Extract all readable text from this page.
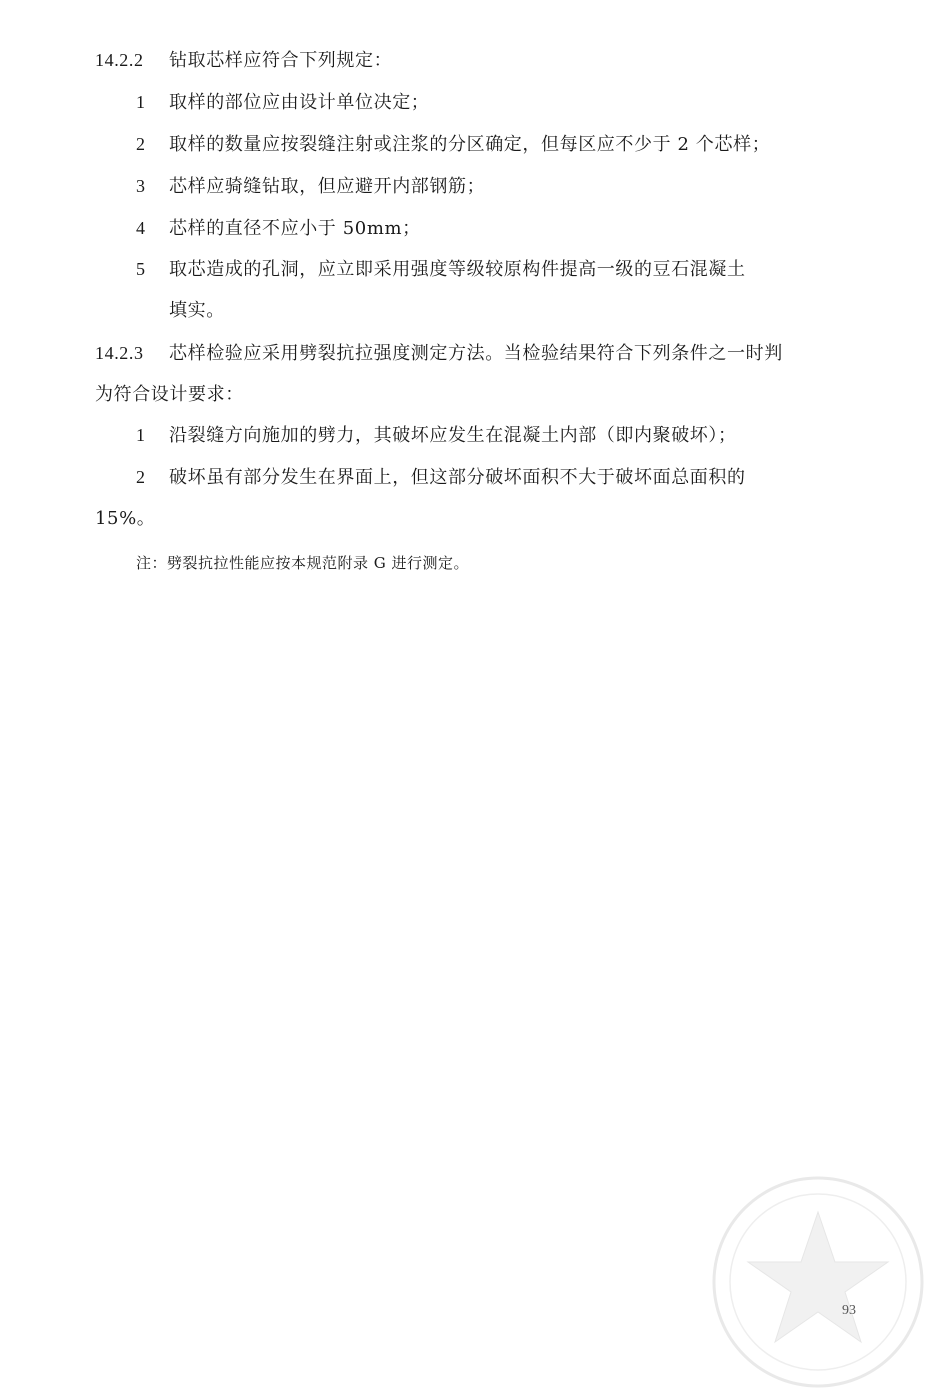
14.2.2 钻取芯样应符合下列规定：
1 取样的部位应由设计单位决定；
2 取样的数量应按裂缝注射或注浆的分区确定，但每区应不少于 2 个芯样；
3 芯样应骑缝钻取，但应避开内部钢筋；
4 芯样的直径不应小于 50mm；
5 取芯造成的孔洞，应立即采用强度等级较原构件提高一级的豆石混凝土
填实。
14.2.3 芯样检验应采用劈裂抗拉强度测定方法。当检验结果符合下列条件之一时判
为符合设计要求：
1 沿裂缝方向施加的劈力，其破坏应发生在混凝土内部（即内聚破坏）；
2 破坏虽有部分发生在界面上，但这部分破坏面积不大于破坏面总面积的
15%。
注：劈裂抗拉性能应按本规范附录 G 进行测定。
93
